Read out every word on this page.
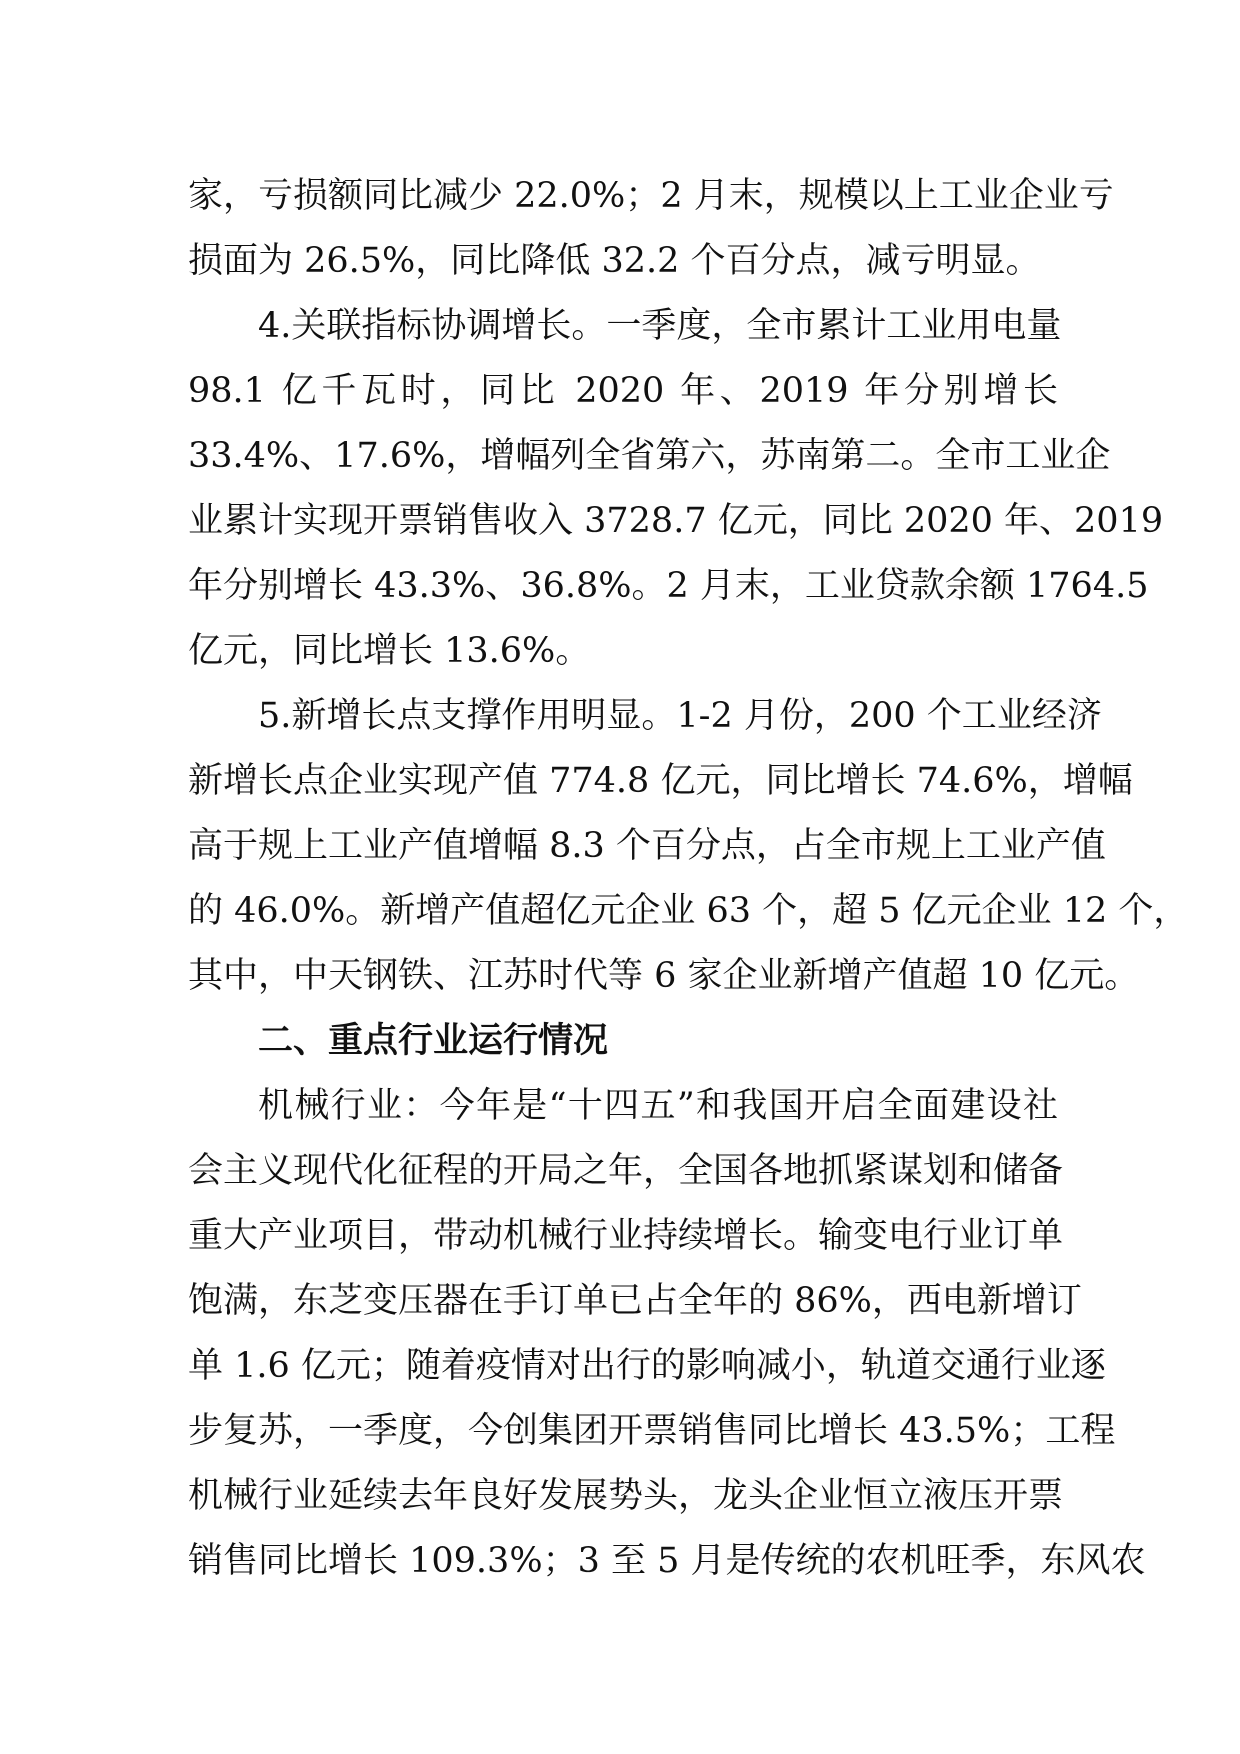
家，亏损额同比减少 22.0%；2 月末，规模以上工业企业亏
损面为 26.5%，同比降低 32.2 个百分点，减亏明显。
4.关联指标协调增长。一季度，全市累计工业用电量
98.1 亿千瓦时，同比 2020 年、2019 年分别增长
33.4%、17.6%，增幅列全省第六，苏南第二。全市工业企
业累计实现开票销售收入 3728.7 亿元，同比 2020 年、2019
年分别增长 43.3%、36.8%。2 月末，工业贷款余额 1764.5
亿元，同比增长 13.6%。
5.新增长点支撑作用明显。1-2 月份，200 个工业经济
新增长点企业实现产值 774.8 亿元，同比增长 74.6%，增幅
高于规上工业产值增幅 8.3 个百分点，占全市规上工业产值
的 46.0%。新增产值超亿元企业 63 个，超 5 亿元企业 12 个，
其中，中天钢铁、江苏时代等 6 家企业新增产值超 10 亿元。
二、重点行业运行情况
机械行业：今年是“十四五”和我国开启全面建设社
会主义现代化征程的开局之年，全国各地抓紧谋划和储备
重大产业项目，带动机械行业持续增长。输变电行业订单
饱满，东芝变压器在手订单已占全年的 86%，西电新增订
单 1.6 亿元；随着疫情对出行的影响减小，轨道交通行业逐
步复苏，一季度，今创集团开票销售同比增长 43.5%；工程
机械行业延续去年良好发展势头，龙头企业恒立液压开票
销售同比增长 109.3%；3 至 5 月是传统的农机旺季，东风农
